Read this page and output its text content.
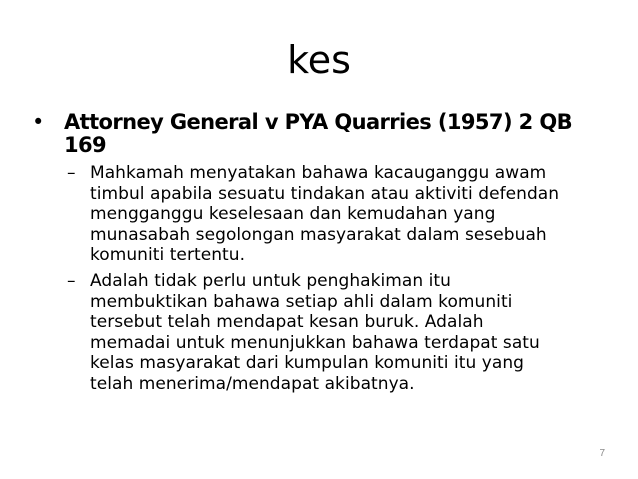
kes
• Attorney General v PYA Quarries (1957) 2 QB
169
– Mahkamah menyatakan bahawa kacauganggu awam
timbul apabila sesuatu tindakan atau aktiviti defendan
mengganggu keselesaan dan kemudahan yang
munasabah segolongan masyarakat dalam sesebuah
komuniti tertentu.
– Adalah tidak perlu untuk penghakiman itu
membuktikan bahawa setiap ahli dalam komuniti
tersebut telah mendapat kesan buruk. Adalah
memadai untuk menunjukkan bahawa terdapat satu
kelas masyarakat dari kumpulan komuniti itu yang
telah menerima/mendapat akibatnya.
7
